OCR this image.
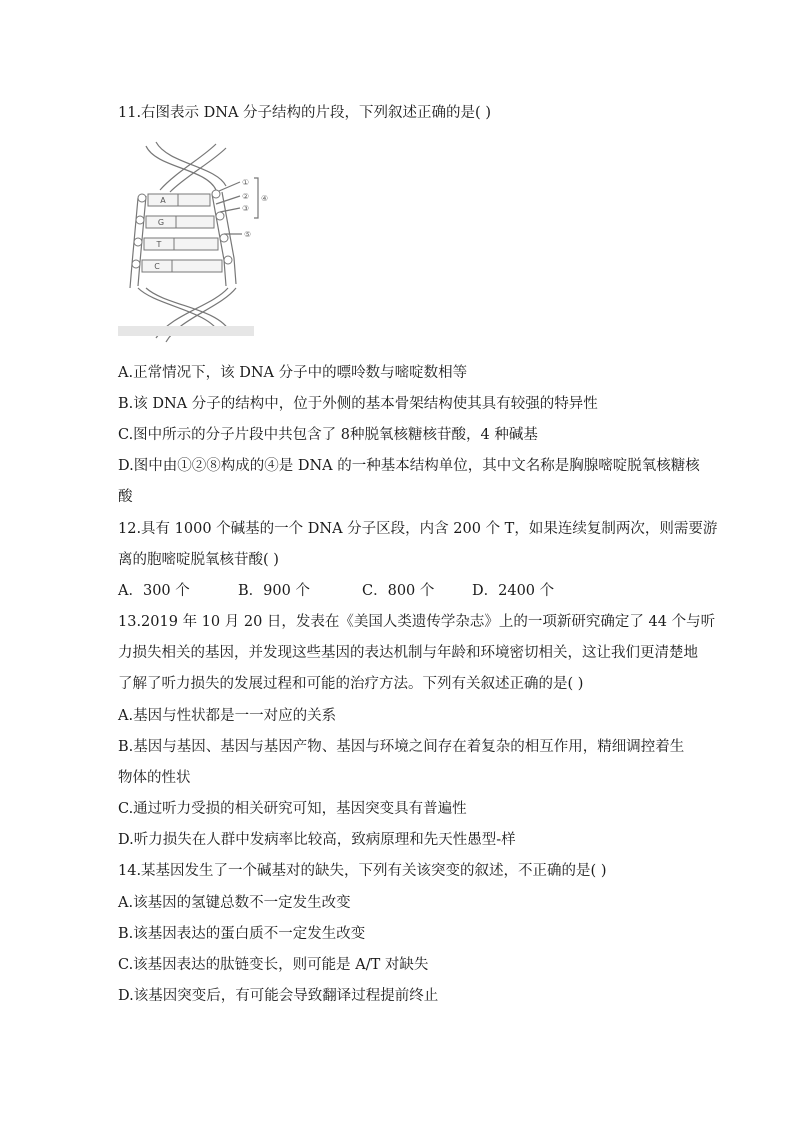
11.右图表示 DNA 分子结构的片段，下列叙述正确的是( )
A
G
T
C
①
②
③
④
⑤
A.正常情况下，该 DNA 分子中的嘌呤数与嘧啶数相等
B.该 DNA 分子的结构中，位于外侧的基本骨架结构使其具有较强的特异性
C.图中所示的分子片段中共包含了 8种脱氧核糖核苷酸，4 种碱基
D.图中由①②⑧构成的④是 DNA 的一种基本结构单位，其中文名称是胸腺嘧啶脱氧核糖核
酸
12.具有 1000 个碱基的一个 DNA 分子区段，内含 200 个 T，如果连续复制两次，则需要游
离的胞嘧啶脱氧核苷酸( )
A．300 个	B．900 个	C．800 个	D．2400 个
13.2019 年 10 月 20 日，发表在《美国人类遗传学杂志》上的一项新研究确定了 44 个与听
力损失相关的基因，并发现这些基因的表达机制与年龄和环境密切相关，这让我们更清楚地
了解了听力损失的发展过程和可能的治疗方法。下列有关叙述正确的是( )
A.基因与性状都是一一对应的关系
B.基因与基因、基因与基因产物、基因与环境之间存在着复杂的相互作用，精细调控着生
物体的性状
C.通过听力受损的相关研究可知，基因突变具有普遍性
D.听力损失在人群中发病率比较高，致病原理和先天性愚型-样
14.某基因发生了一个碱基对的缺失，下列有关该突变的叙述，不正确的是( )
A.该基因的氢键总数不一定发生改变
B.该基因表达的蛋白质不一定发生改变
C.该基因表达的肽链变长，则可能是 A/T 对缺失
D.该基因突变后，有可能会导致翻译过程提前终止
